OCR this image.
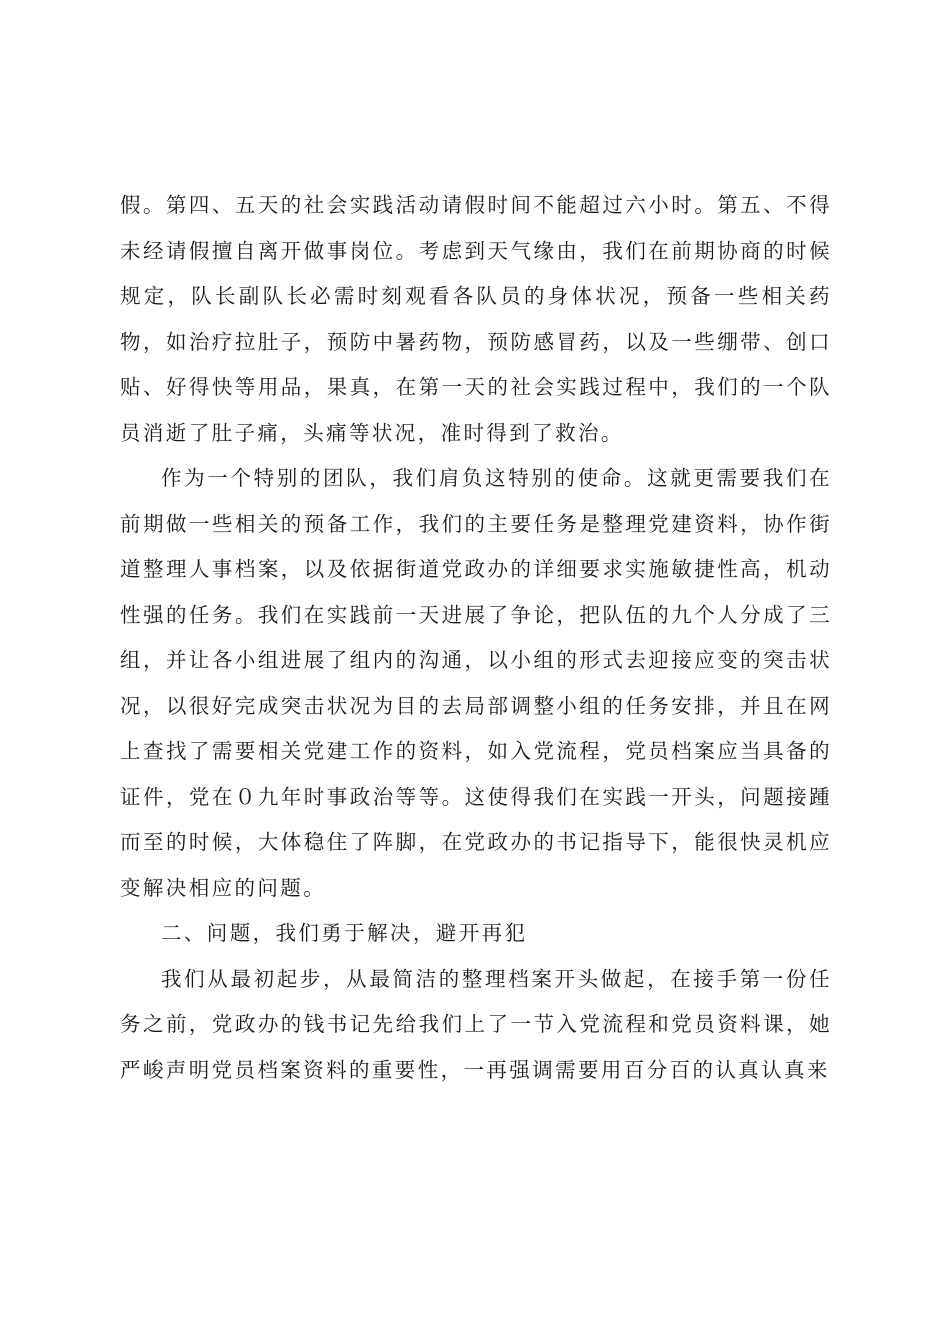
假。第四、五天的社会实践活动请假时间不能超过六小时。第五、不得未经请假擅自离开做事岗位。考虑到天气缘由，我们在前期协商的时候规定，队长副队长必需时刻观看各队员的身体状况，预备一些相关药物，如治疗拉肚子，预防中暑药物，预防感冒药，以及一些绷带、创口贴、好得快等用品，果真，在第一天的社会实践过程中，我们的一个队员消逝了肚子痛，头痛等状况，准时得到了救治。

作为一个特别的团队，我们肩负这特别的使命。这就更需要我们在前期做一些相关的预备工作，我们的主要任务是整理党建资料，协作街道整理人事档案，以及依据街道党政办的详细要求实施敏捷性高，机动性强的任务。我们在实践前一天进展了争论，把队伍的九个人分成了三组，并让各小组进展了组内的沟通，以小组的形式去迎接应变的突击状况，以很好完成突击状况为目的去局部调整小组的任务安排，并且在网上查找了需要相关党建工作的资料，如入党流程，党员档案应当具备的证件，党在０九年时事政治等等。这使得我们在实践一开头，问题接踵而至的时候，大体稳住了阵脚，在党政办的书记指导下，能很快灵机应变解决相应的问题。

二、问题，我们勇于解决，避开再犯

我们从最初起步，从最简洁的整理档案开头做起，在接手第一份任务之前，党政办的钱书记先给我们上了一节入党流程和党员资料课，她严峻声明党员档案资料的重要性，一再强调需要用百分百的认真认真来
